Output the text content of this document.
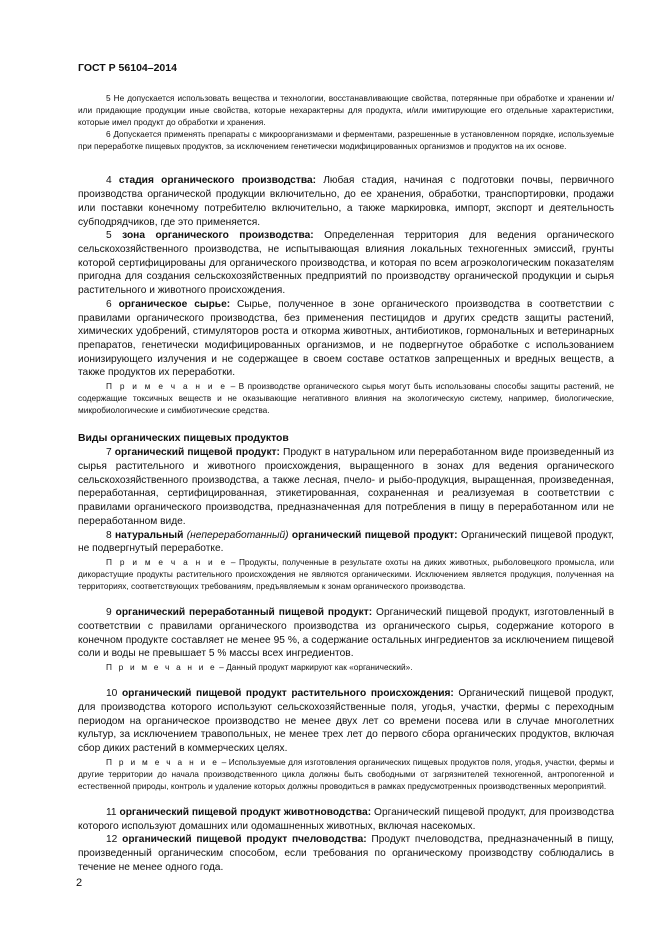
ГОСТ Р 56104–2014

5 Не допускается использовать вещества и технологии, восстанавливающие свойства, потерянные при обработке и хранении и/или придающие продукции иные свойства, которые нехарактерны для продукта, и/или имитирующие его отдельные характеристики, которые имел продукт до обработки и хранения.

6 Допускается применять препараты с микроорганизмами и ферментами, разрешенные в установленном порядке, используемые при переработке пищевых продуктов, за исключением генетически модифицированных организмов и продуктов на их основе.

4 стадия органического производства: Любая стадия, начиная с подготовки почвы, первичного производства органической продукции включительно, до ее хранения, обработки, транспортировки, продажи или поставки конечному потребителю включительно, а также маркировка, импорт, экспорт и деятельность субподрядчиков, где это применяется.

5 зона органического производства: Определенная территория для ведения органического сельскохозяйственного производства, не испытывающая влияния локальных техногенных эмиссий, грунты которой сертифицированы для органического производства, и которая по всем агроэкологическим показателям пригодна для создания сельскохозяйственных предприятий по производству органической продукции и сырья растительного и животного происхождения.

6 органическое сырье: Сырье, полученное в зоне органического производства в соответствии с правилами органического производства, без применения пестицидов и других средств защиты растений, химических удобрений, стимуляторов роста и откорма животных, антибиотиков, гормональных и ветеринарных препаратов, генетически модифицированных организмов, и не подвергнутое обработке с использованием ионизирующего излучения и не содержащее в своем составе остатков запрещенных и вредных веществ, а также продуктов их переработки.

П р и м е ч а н и е – В производстве органического сырья могут быть использованы способы защиты растений, не содержащие токсичных веществ и не оказывающие негативного влияния на экологическую систему, например, биологические, микробиологические и симбиотические средства.

Виды органических пищевых продуктов

7 органический пищевой продукт: Продукт в натуральном или переработанном виде произведенный из сырья растительного и животного происхождения, выращенного в зонах для ведения органического сельскохозяйственного производства, а также лесная, пчело- и рыбо-продукция, выращенная, произведенная, переработанная, сертифицированная, этикетированная, сохраненная и реализуемая в соответствии с правилами органического производства, предназначенная для потребления в пищу в переработанном или не переработанном виде.

8 натуральный (непереработанный) органический пищевой продукт: Органический пищевой продукт, не подвергнутый переработке.

П р и м е ч а н и е – Продукты, полученные в результате охоты на диких животных, рыболовецкого промысла, или дикорастущие продукты растительного происхождения не являются органическими. Исключением является продукция, полученная на территориях, соответствующих требованиям, предъявляемым к зонам органического производства.

9 органический переработанный пищевой продукт: Органический пищевой продукт, изготовленный в соответствии с правилами органического производства из органического сырья, содержание которого в конечном продукте составляет не менее 95 %, а содержание остальных ингредиентов за исключением пищевой соли и воды не превышает 5 % массы всех ингредиентов.

П р и м е ч а н и е – Данный продукт маркируют как «органический».

10 органический пищевой продукт растительного происхождения: Органический пищевой продукт, для производства которого используют сельскохозяйственные поля, угодья, участки, фермы с переходным периодом на органическое производство не менее двух лет со времени посева или в случае многолетних культур, за исключением травопольных, не менее трех лет до первого сбора органических продуктов, включая сбор диких растений в коммерческих целях.

П р и м е ч а н и е – Используемые для изготовления органических пищевых продуктов поля, угодья, участки, фермы и другие территории до начала производственного цикла должны быть свободными от загрязнителей техногенной, антропогенной и естественной природы, контроль и удаление которых должны проводиться в рамках предусмотренных производственных мероприятий.

11 органический пищевой продукт животноводства: Органический пищевой продукт, для производства которого используют домашних или одомашненных животных, включая насекомых.

12 органический пищевой продукт пчеловодства: Продукт пчеловодства, предназначенный в пищу, произведенный органическим способом, если требования по органическому производству соблюдались в течение не менее одного года.

2
